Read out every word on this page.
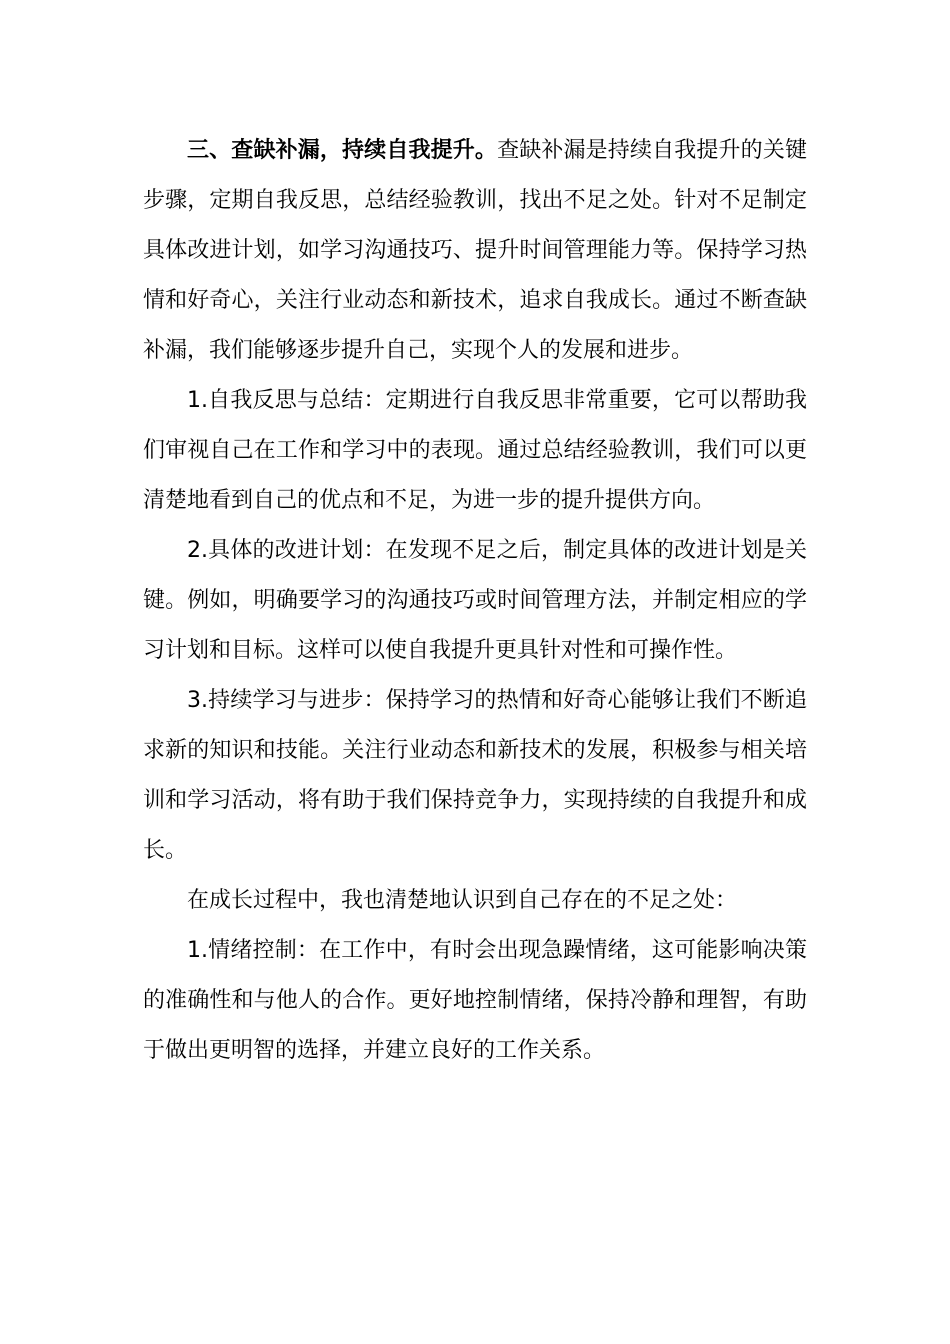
三、查缺补漏，持续自我提升。查缺补漏是持续自我提升的关键步骤，定期自我反思，总结经验教训，找出不足之处。针对不足制定具体改进计划，如学习沟通技巧、提升时间管理能力等。保持学习热情和好奇心，关注行业动态和新技术，追求自我成长。通过不断查缺补漏，我们能够逐步提升自己，实现个人的发展和进步。

1.自我反思与总结：定期进行自我反思非常重要，它可以帮助我们审视自己在工作和学习中的表现。通过总结经验教训，我们可以更清楚地看到自己的优点和不足，为进一步的提升提供方向。

2.具体的改进计划：在发现不足之后，制定具体的改进计划是关键。例如，明确要学习的沟通技巧或时间管理方法，并制定相应的学习计划和目标。这样可以使自我提升更具针对性和可操作性。

3.持续学习与进步：保持学习的热情和好奇心能够让我们不断追求新的知识和技能。关注行业动态和新技术的发展，积极参与相关培训和学习活动，将有助于我们保持竞争力，实现持续的自我提升和成长。

在成长过程中，我也清楚地认识到自己存在的不足之处：

1.情绪控制：在工作中，有时会出现急躁情绪，这可能影响决策的准确性和与他人的合作。更好地控制情绪，保持冷静和理智，有助于做出更明智的选择，并建立良好的工作关系。
